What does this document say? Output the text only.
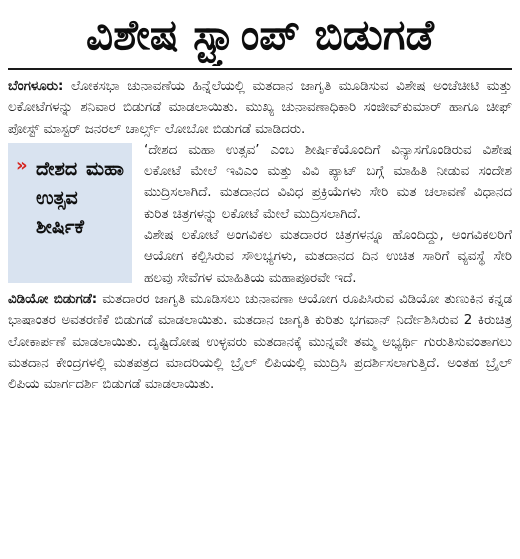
ವಿಶೇಷ ಸ್ಟ್ಯಾಂಪ್ ಬಿಡುಗಡೆ

ಬೆಂಗಳೂರು: ಲೋಕಸಭಾ ಚುನಾವಣೆಯ ಹಿನ್ನೆಲೆಯಲ್ಲಿ ಮತದಾನ ಜಾಗೃತಿ ಮೂಡಿಸುವ ವಿಶೇಷ ಅಂಚೆಚೀಟಿ ಮತ್ತು ಲಕೋಟೆಗಳನ್ನು ಶನಿವಾರ ಬಿಡುಗಡೆ ಮಾಡಲಾಯಿತು. ಮುಖ್ಯ ಚುನಾವಣಾಧಿಕಾರಿ ಸಂಜೀವ್‌ಕುಮಾರ್ ಹಾಗೂ ಚೀಫ್ ಪೋಸ್ಟ್ ಮಾಸ್ಟರ್ ಜನರಲ್ ಚಾರ್ಲ್ಸ್ ಲೋಬೋ ಬಿಡುಗಡೆ ಮಾಡಿದರು.

» ದೇಶದ ಮಹಾ ಉತ್ಸವ ಶೀರ್ಷಿಕೆ

‘ದೇಶದ ಮಹಾ ಉತ್ಸವ’ ಎಂಬ ಶೀರ್ಷಿಕೆಯೊಂದಿಗೆ ವಿನ್ಯಾಸಗೊಂಡಿರುವ ವಿಶೇಷ ಲಕೋಟೆ ಮೇಲೆ ಇವಿಎಂ ಮತ್ತು ವಿವಿ ಪ್ಯಾಟ್ ಬಗ್ಗೆ ಮಾಹಿತಿ ನೀಡುವ ಸಂದೇಶ ಮುದ್ರಿಸಲಾಗಿದೆ. ಮತದಾನದ ವಿವಿಧ ಪ್ರಕ್ರಿಯೆಗಳು ಸೇರಿ ಮತ ಚಲಾವಣೆ ವಿಧಾನದ ಕುರಿತ ಚಿತ್ರಗಳನ್ನು ಲಕೋಟೆ ಮೇಲೆ ಮುದ್ರಿಸಲಾಗಿದೆ.

ವಿಶೇಷ ಲಕೋಟೆ ಅಂಗವಿಕಲ ಮತದಾರರ ಚಿತ್ರಗಳನ್ನೂ ಹೊಂದಿದ್ದು, ಅಂಗವಿಕಲರಿಗೆ ಆಯೋಗ ಕಲ್ಪಿಸಿರುವ ಸೌಲಭ್ಯಗಳು, ಮತದಾನದ ದಿನ ಉಚಿತ ಸಾರಿಗೆ ವ್ಯವಸ್ಥೆ ಸೇರಿ ಹಲವು ಸೇವೆಗಳ ಮಾಹಿತಿಯ ಮಹಾಪೂರವೇ ಇದೆ.

ವಿಡಿಯೋ ಬಿಡುಗಡೆ: ಮತದಾರರ ಜಾಗೃತಿ ಮೂಡಿಸಲು ಚುನಾವಣಾ ಆಯೋಗ ರೂಪಿಸಿರುವ ವಿಡಿಯೋ ತುಣುಕಿನ ಕನ್ನಡ ಭಾಷಾಂತರ ಅವತರಣಿಕೆ ಬಿಡುಗಡೆ ಮಾಡಲಾಯಿತು. ಮತದಾನ ಜಾಗೃತಿ ಕುರಿತು ಭಗವಾನ್ ನಿರ್ದೇಶಿಸಿರುವ 2 ಕಿರುಚಿತ್ರ ಲೋಕಾರ್ಪಣೆ ಮಾಡಲಾಯಿತು. ದೃಷ್ಟಿದೋಷ ಉಳ್ಳವರು ಮತದಾನಕ್ಕೆ ಮುನ್ನವೇ ತಮ್ಮ ಅಭ್ಯರ್ಥಿ ಗುರುತಿಸುವಂತಾಗಲು ಮತದಾನ ಕೇಂದ್ರಗಳಲ್ಲಿ ಮತಪತ್ರದ ಮಾದರಿಯಲ್ಲಿ ಬ್ರೈಲ್ ಲಿಪಿಯಲ್ಲಿ ಮುದ್ರಿಸಿ ಪ್ರದರ್ಶಿಸಲಾಗುತ್ತಿದೆ. ಅಂತಹ ಬ್ರೈಲ್ ಲಿಪಿಯ ಮಾರ್ಗದರ್ಶಿ ಬಿಡುಗಡೆ ಮಾಡಲಾಯಿತು.
